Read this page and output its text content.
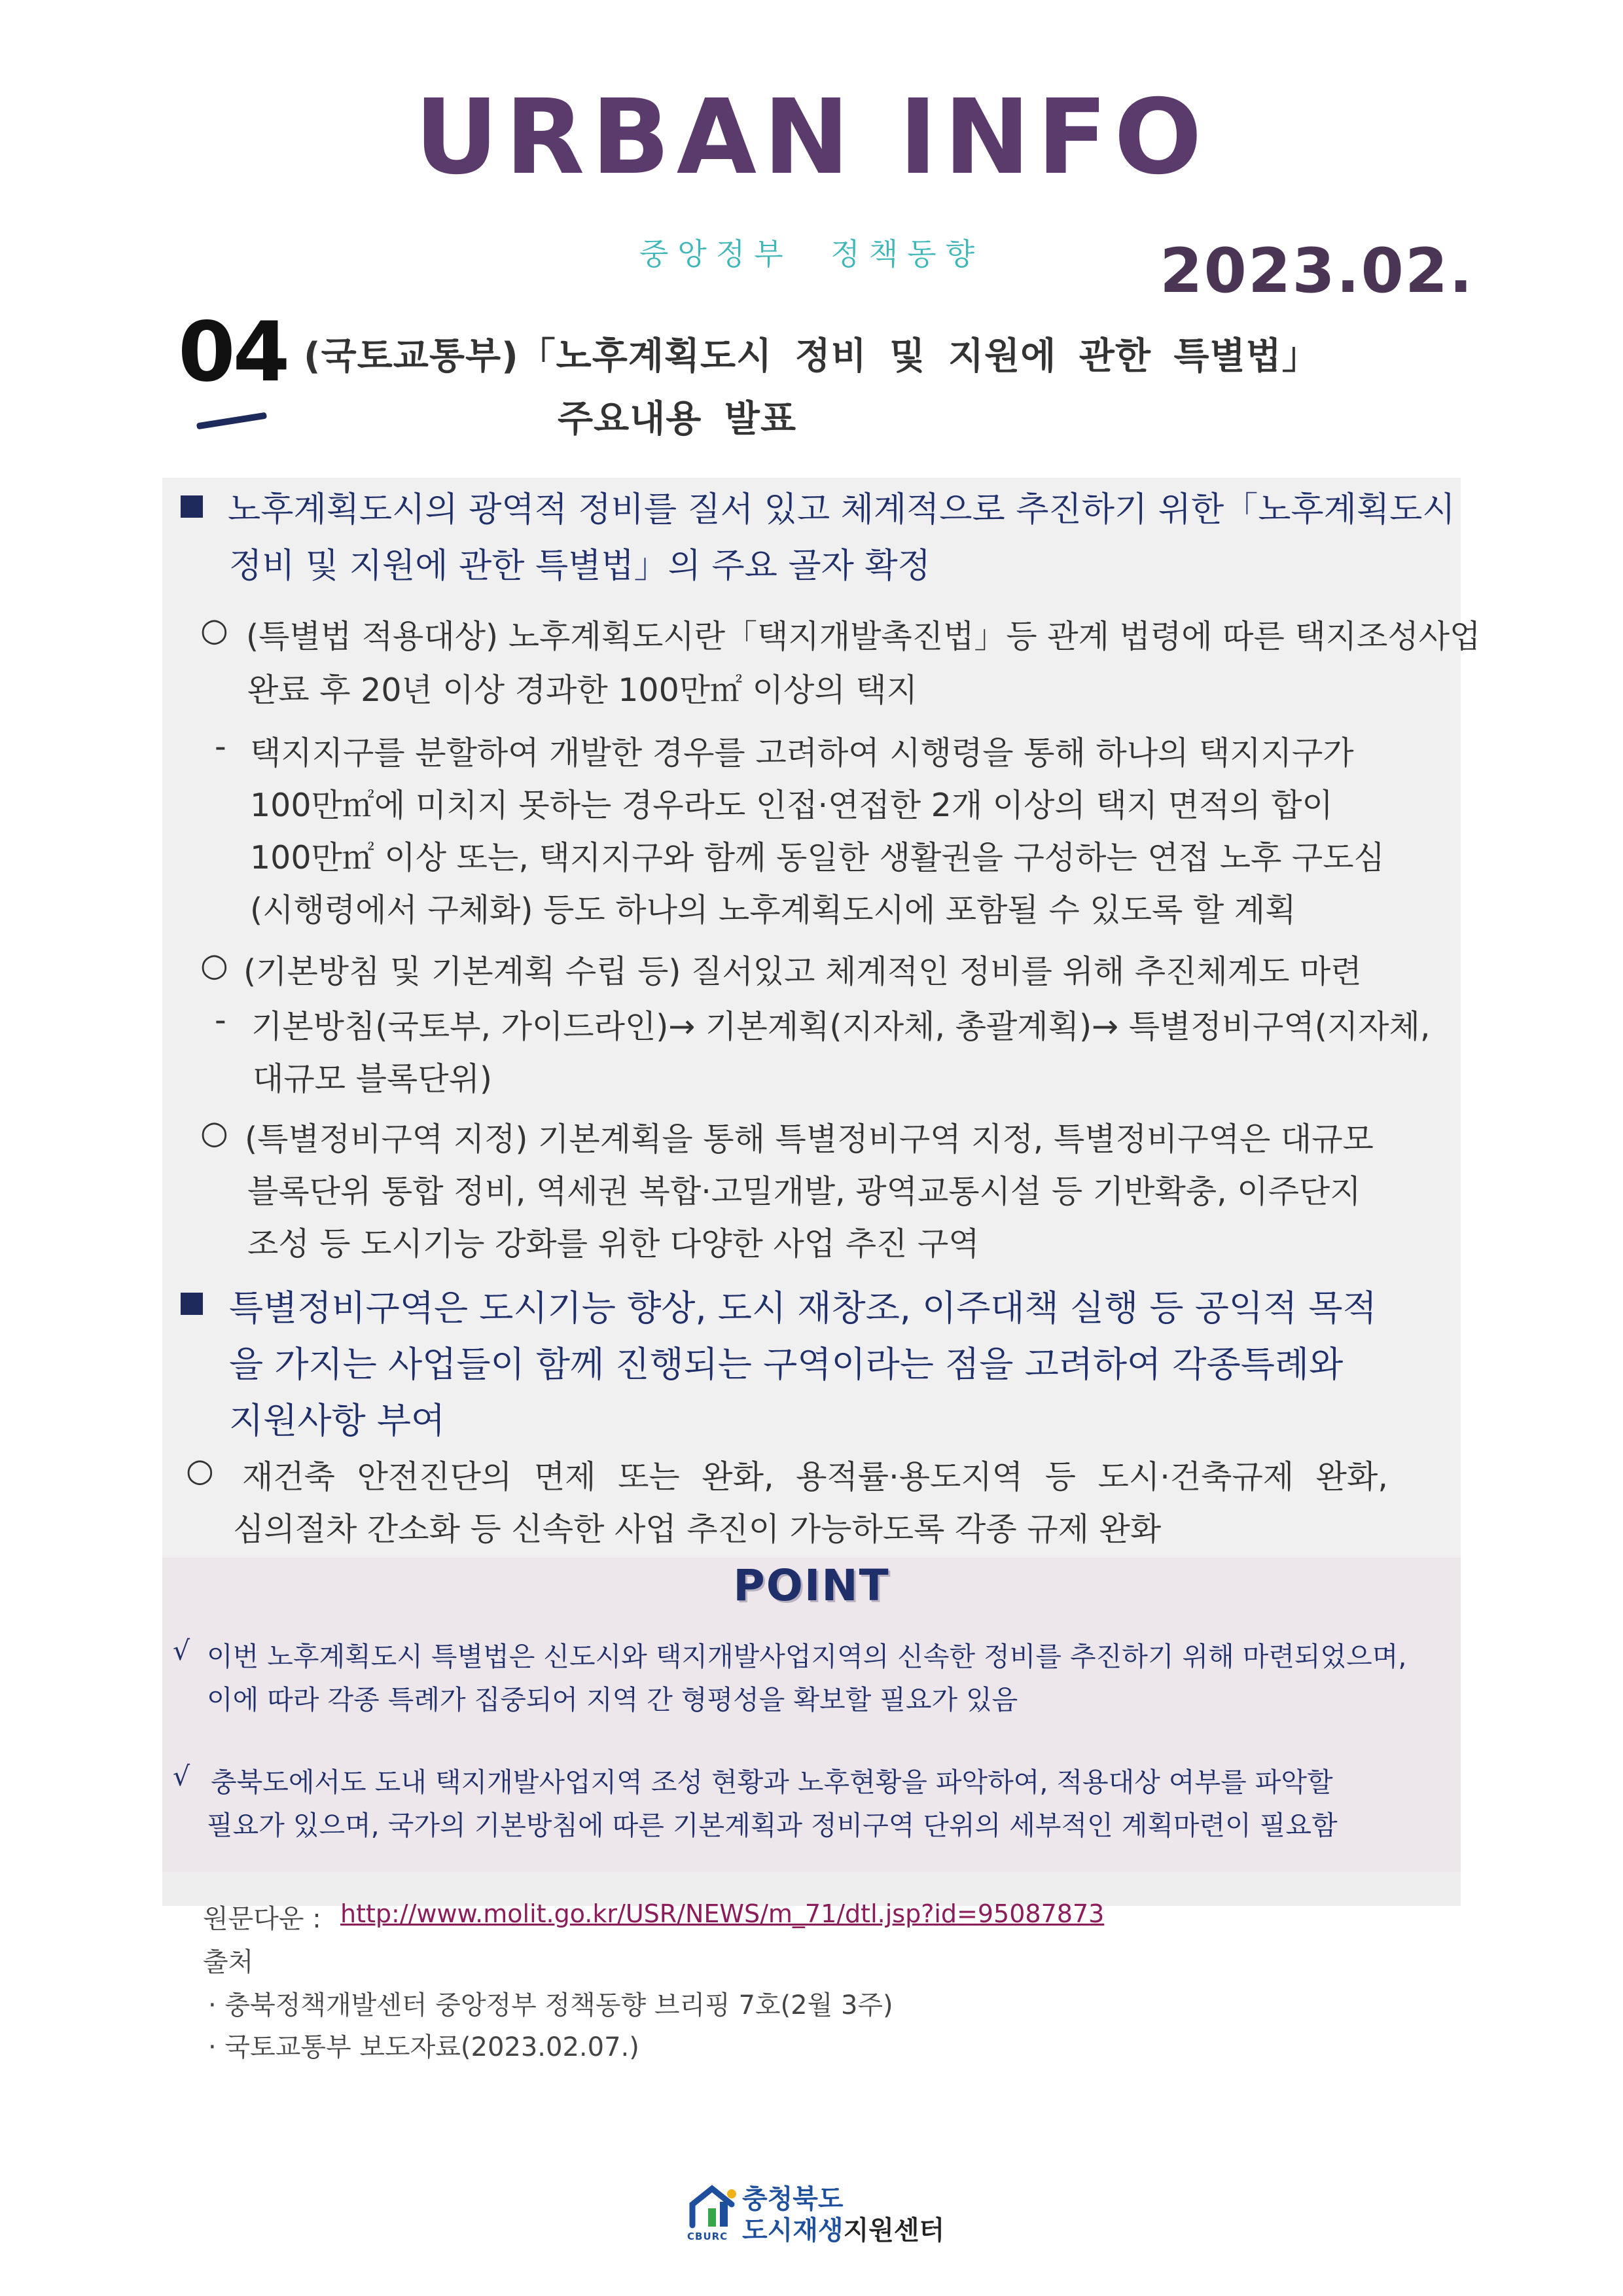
URBAN INFO
중앙정부 정책동향	2023.02.
04 (국토교통부)「노후계획도시 정비 및 지원에 관한 특별법」
주요내용 발표
노후계획도시의 광역적 정비를 질서 있고 체계적으로 추진하기 위한「노후계획도시
정비 및 지원에 관한 특별법」의 주요 골자 확정
○ (특별법 적용대상) 노후계획도시란「택지개발촉진법」등 관계 법령에 따른 택지조성사업
완료 후 20년 이상 경과한 100만㎡ 이상의 택지
- 택지지구를 분할하여 개발한 경우를 고려하여 시행령을 통해 하나의 택지지구가
100만㎡에 미치지 못하는 경우라도 인접·연접한 2개 이상의 택지 면적의 합이
100만㎡ 이상 또는, 택지지구와 함께 동일한 생활권을 구성하는 연접 노후 구도심
(시행령에서 구체화) 등도 하나의 노후계획도시에 포함될 수 있도록 할 계획
○ (기본방침 및 기본계획 수립 등) 질서있고 체계적인 정비를 위해 추진체계도 마련
- 기본방침(국토부, 가이드라인)→ 기본계획(지자체, 총괄계획)→ 특별정비구역(지자체,
대규모 블록단위)
○ (특별정비구역 지정) 기본계획을 통해 특별정비구역 지정, 특별정비구역은 대규모
블록단위 통합 정비, 역세권 복합·고밀개발, 광역교통시설 등 기반확충, 이주단지
조성 등 도시기능 강화를 위한 다양한 사업 추진 구역
특별정비구역은 도시기능 향상, 도시 재창조, 이주대책 실행 등 공익적 목적
을 가지는 사업들이 함께 진행되는 구역이라는 점을 고려하여 각종특례와
지원사항 부여
○ 재건축 안전진단의 면제 또는 완화, 용적률·용도지역 등 도시·건축규제 완화,
심의절차 간소화 등 신속한 사업 추진이 가능하도록 각종 규제 완화
POINT
√ 이번 노후계획도시 특별법은 신도시와 택지개발사업지역의 신속한 정비를 추진하기 위해 마련되었으며,
이에 따라 각종 특례가 집중되어 지역 간 형평성을 확보할 필요가 있음
√ 충북도에서도 도내 택지개발사업지역 조성 현황과 노후현황을 파악하여, 적용대상 여부를 파악할
필요가 있으며, 국가의 기본방침에 따른 기본계획과 정비구역 단위의 세부적인 계획마련이 필요함
원문다운 : http://www.molit.go.kr/USR/NEWS/m_71/dtl.jsp?id=95087873
출처
· 충북정책개발센터 중앙정부 정책동향 브리핑 7호(2월 3주)
· 국토교통부 보도자료(2023.02.07.)
CBURC
충청북도
도시재생지원센터
